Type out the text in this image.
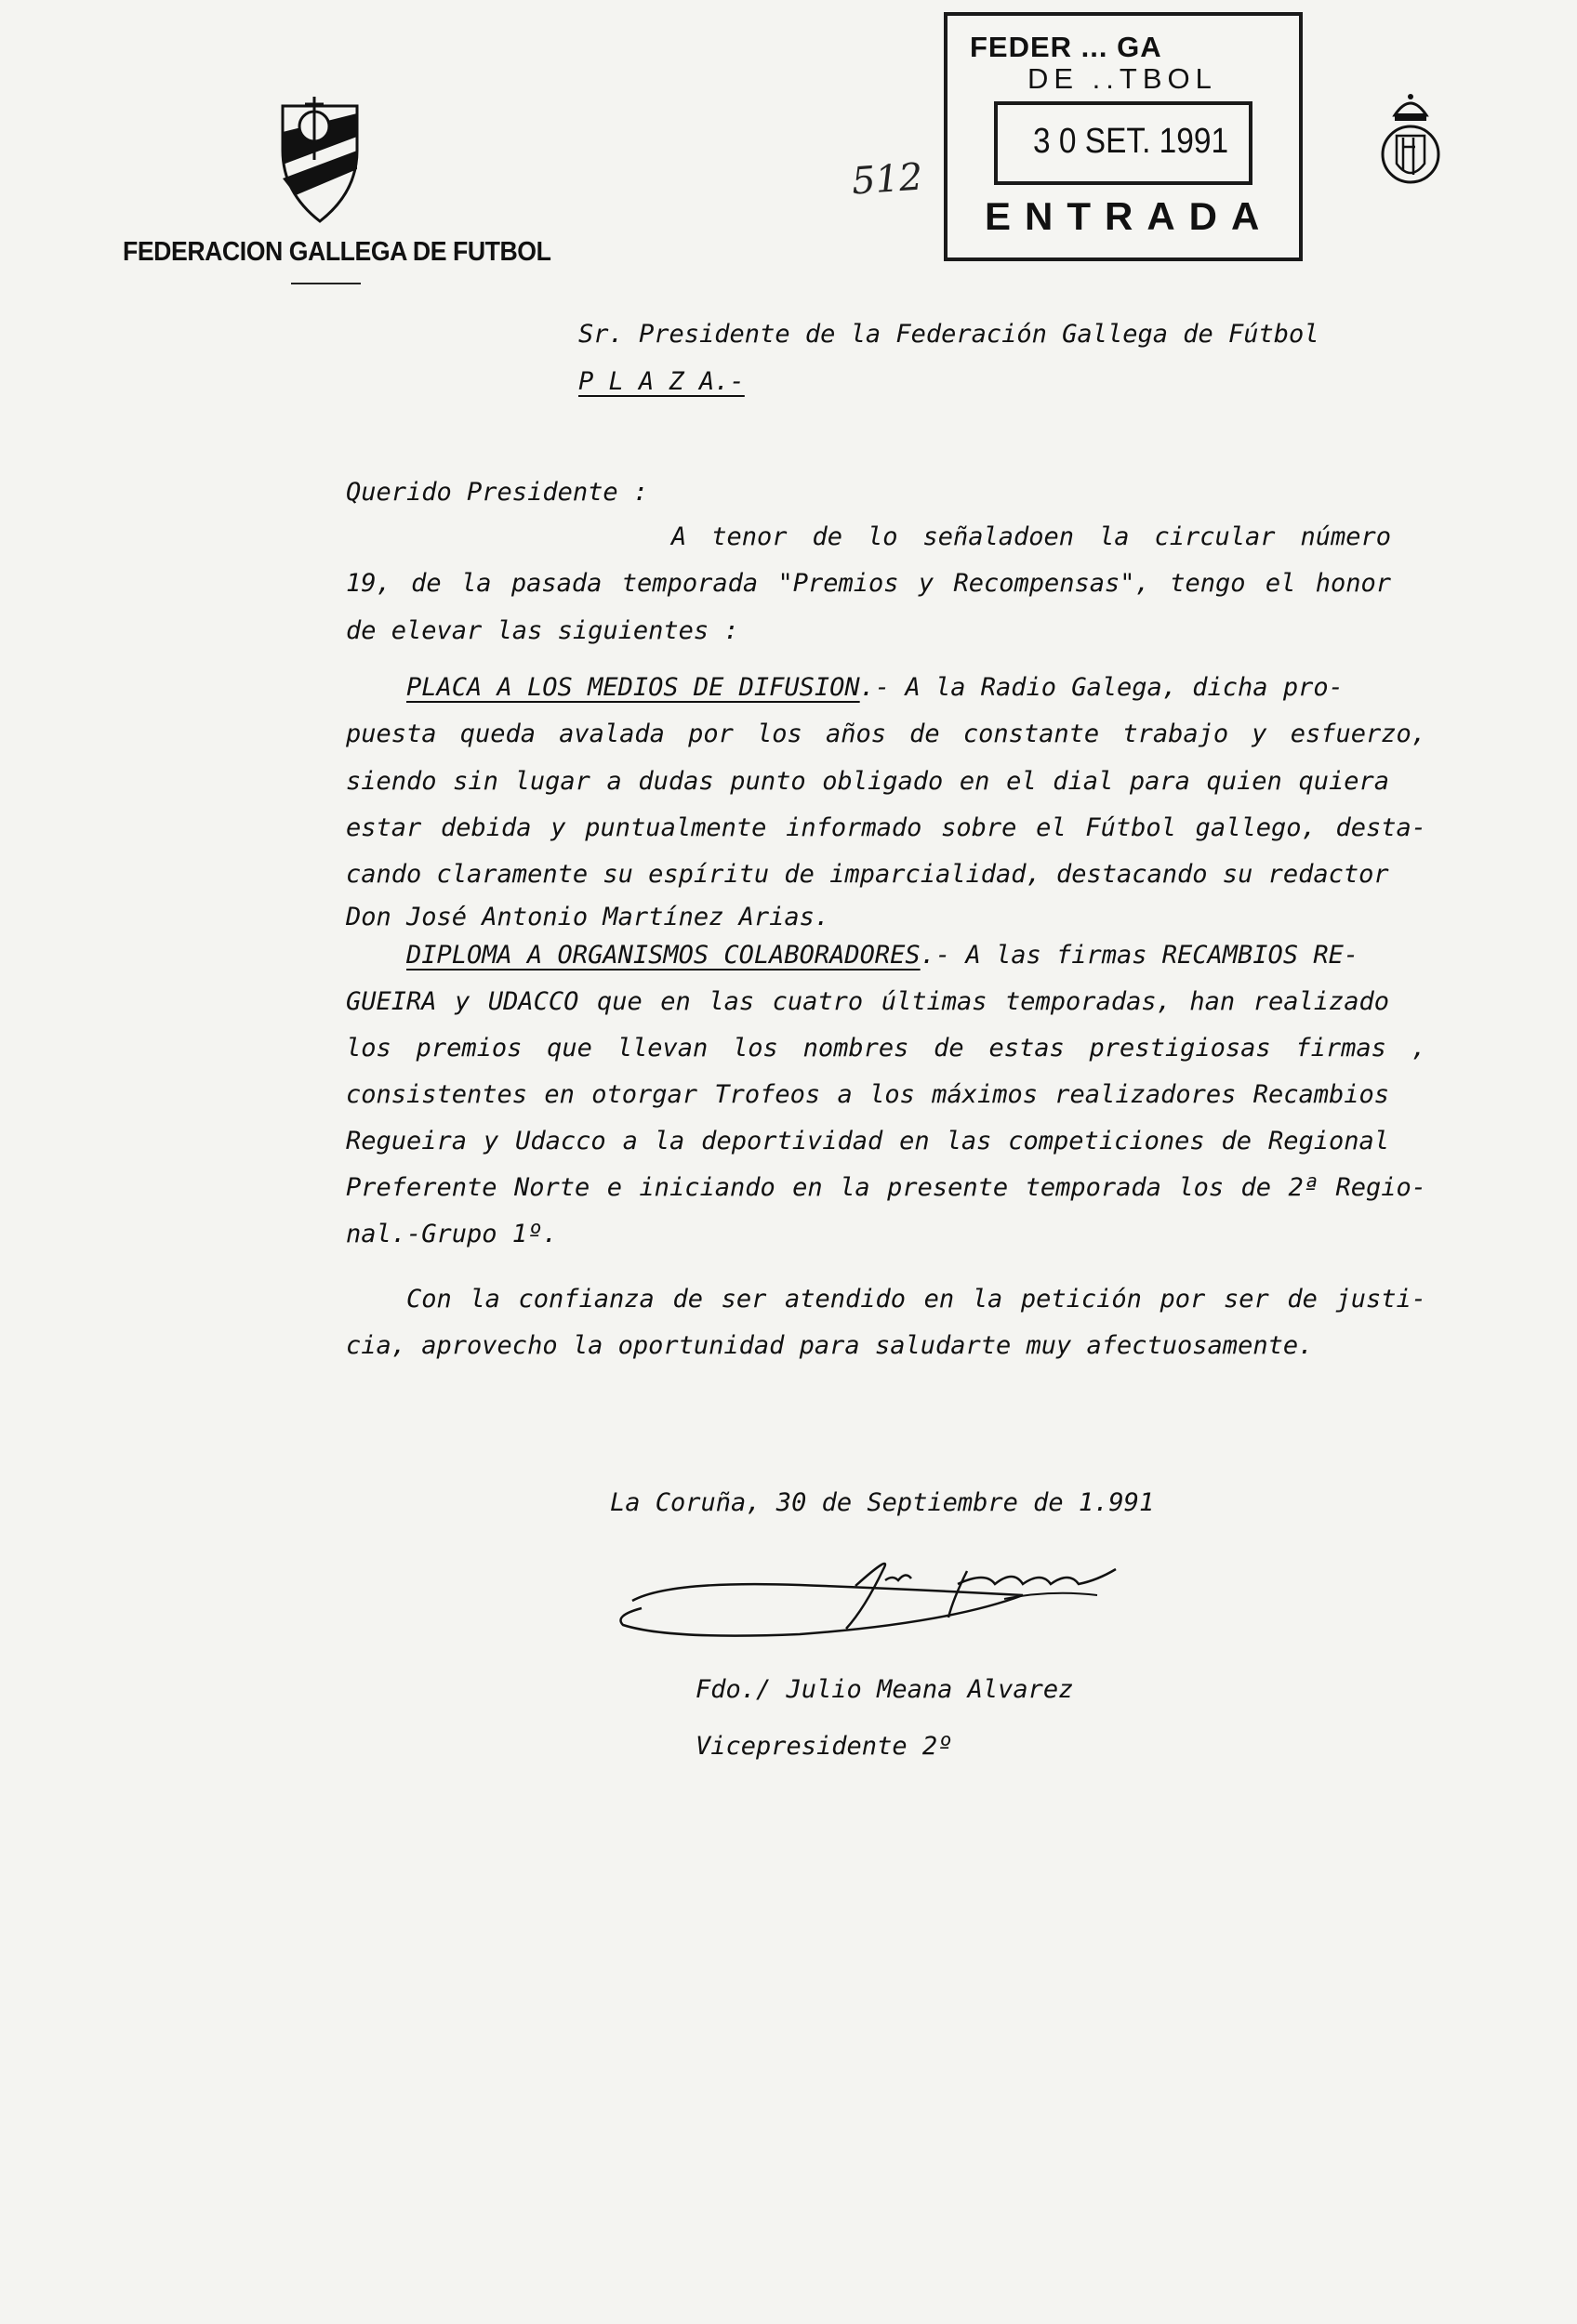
FEDERACION GALLEGA DE FUTBOL
FEDER ... GA
DE ..TBOL
3 0 SET. 1991
ENTRADA
512
Sr. Presidente de la Federación Gallega de Fútbol
P L A Z A.-
Querido Presidente :
A tenor de lo señaladoen la circular número
19, de la pasada temporada "Premios y Recompensas", tengo el honor
de elevar las siguientes :
PLACA A LOS MEDIOS DE DIFUSION.- A la Radio Galega, dicha pro-
puesta queda avalada por los años de constante trabajo y esfuerzo,
siendo sin lugar a dudas punto obligado en el dial para quien quiera
estar debida y puntualmente informado sobre el Fútbol gallego, desta-
cando claramente su espíritu de imparcialidad, destacando su redactor
Don José Antonio Martínez Arias.
DIPLOMA A ORGANISMOS COLABORADORES.- A las firmas RECAMBIOS RE-
GUEIRA y UDACCO que en las cuatro últimas temporadas, han realizado
los premios que llevan los nombres de estas prestigiosas firmas ,
consistentes en otorgar Trofeos a los máximos realizadores Recambios
Regueira y Udacco a la deportividad en las competiciones de Regional
Preferente Norte e iniciando en la presente temporada los de 2ª Regio-
nal.-Grupo 1º.
Con la confianza de ser atendido en la petición por ser de justi-
cia, aprovecho la oportunidad para saludarte muy afectuosamente.
La Coruña, 30 de Septiembre de 1.991
Fdo./ Julio Meana Alvarez
Vicepresidente 2º
